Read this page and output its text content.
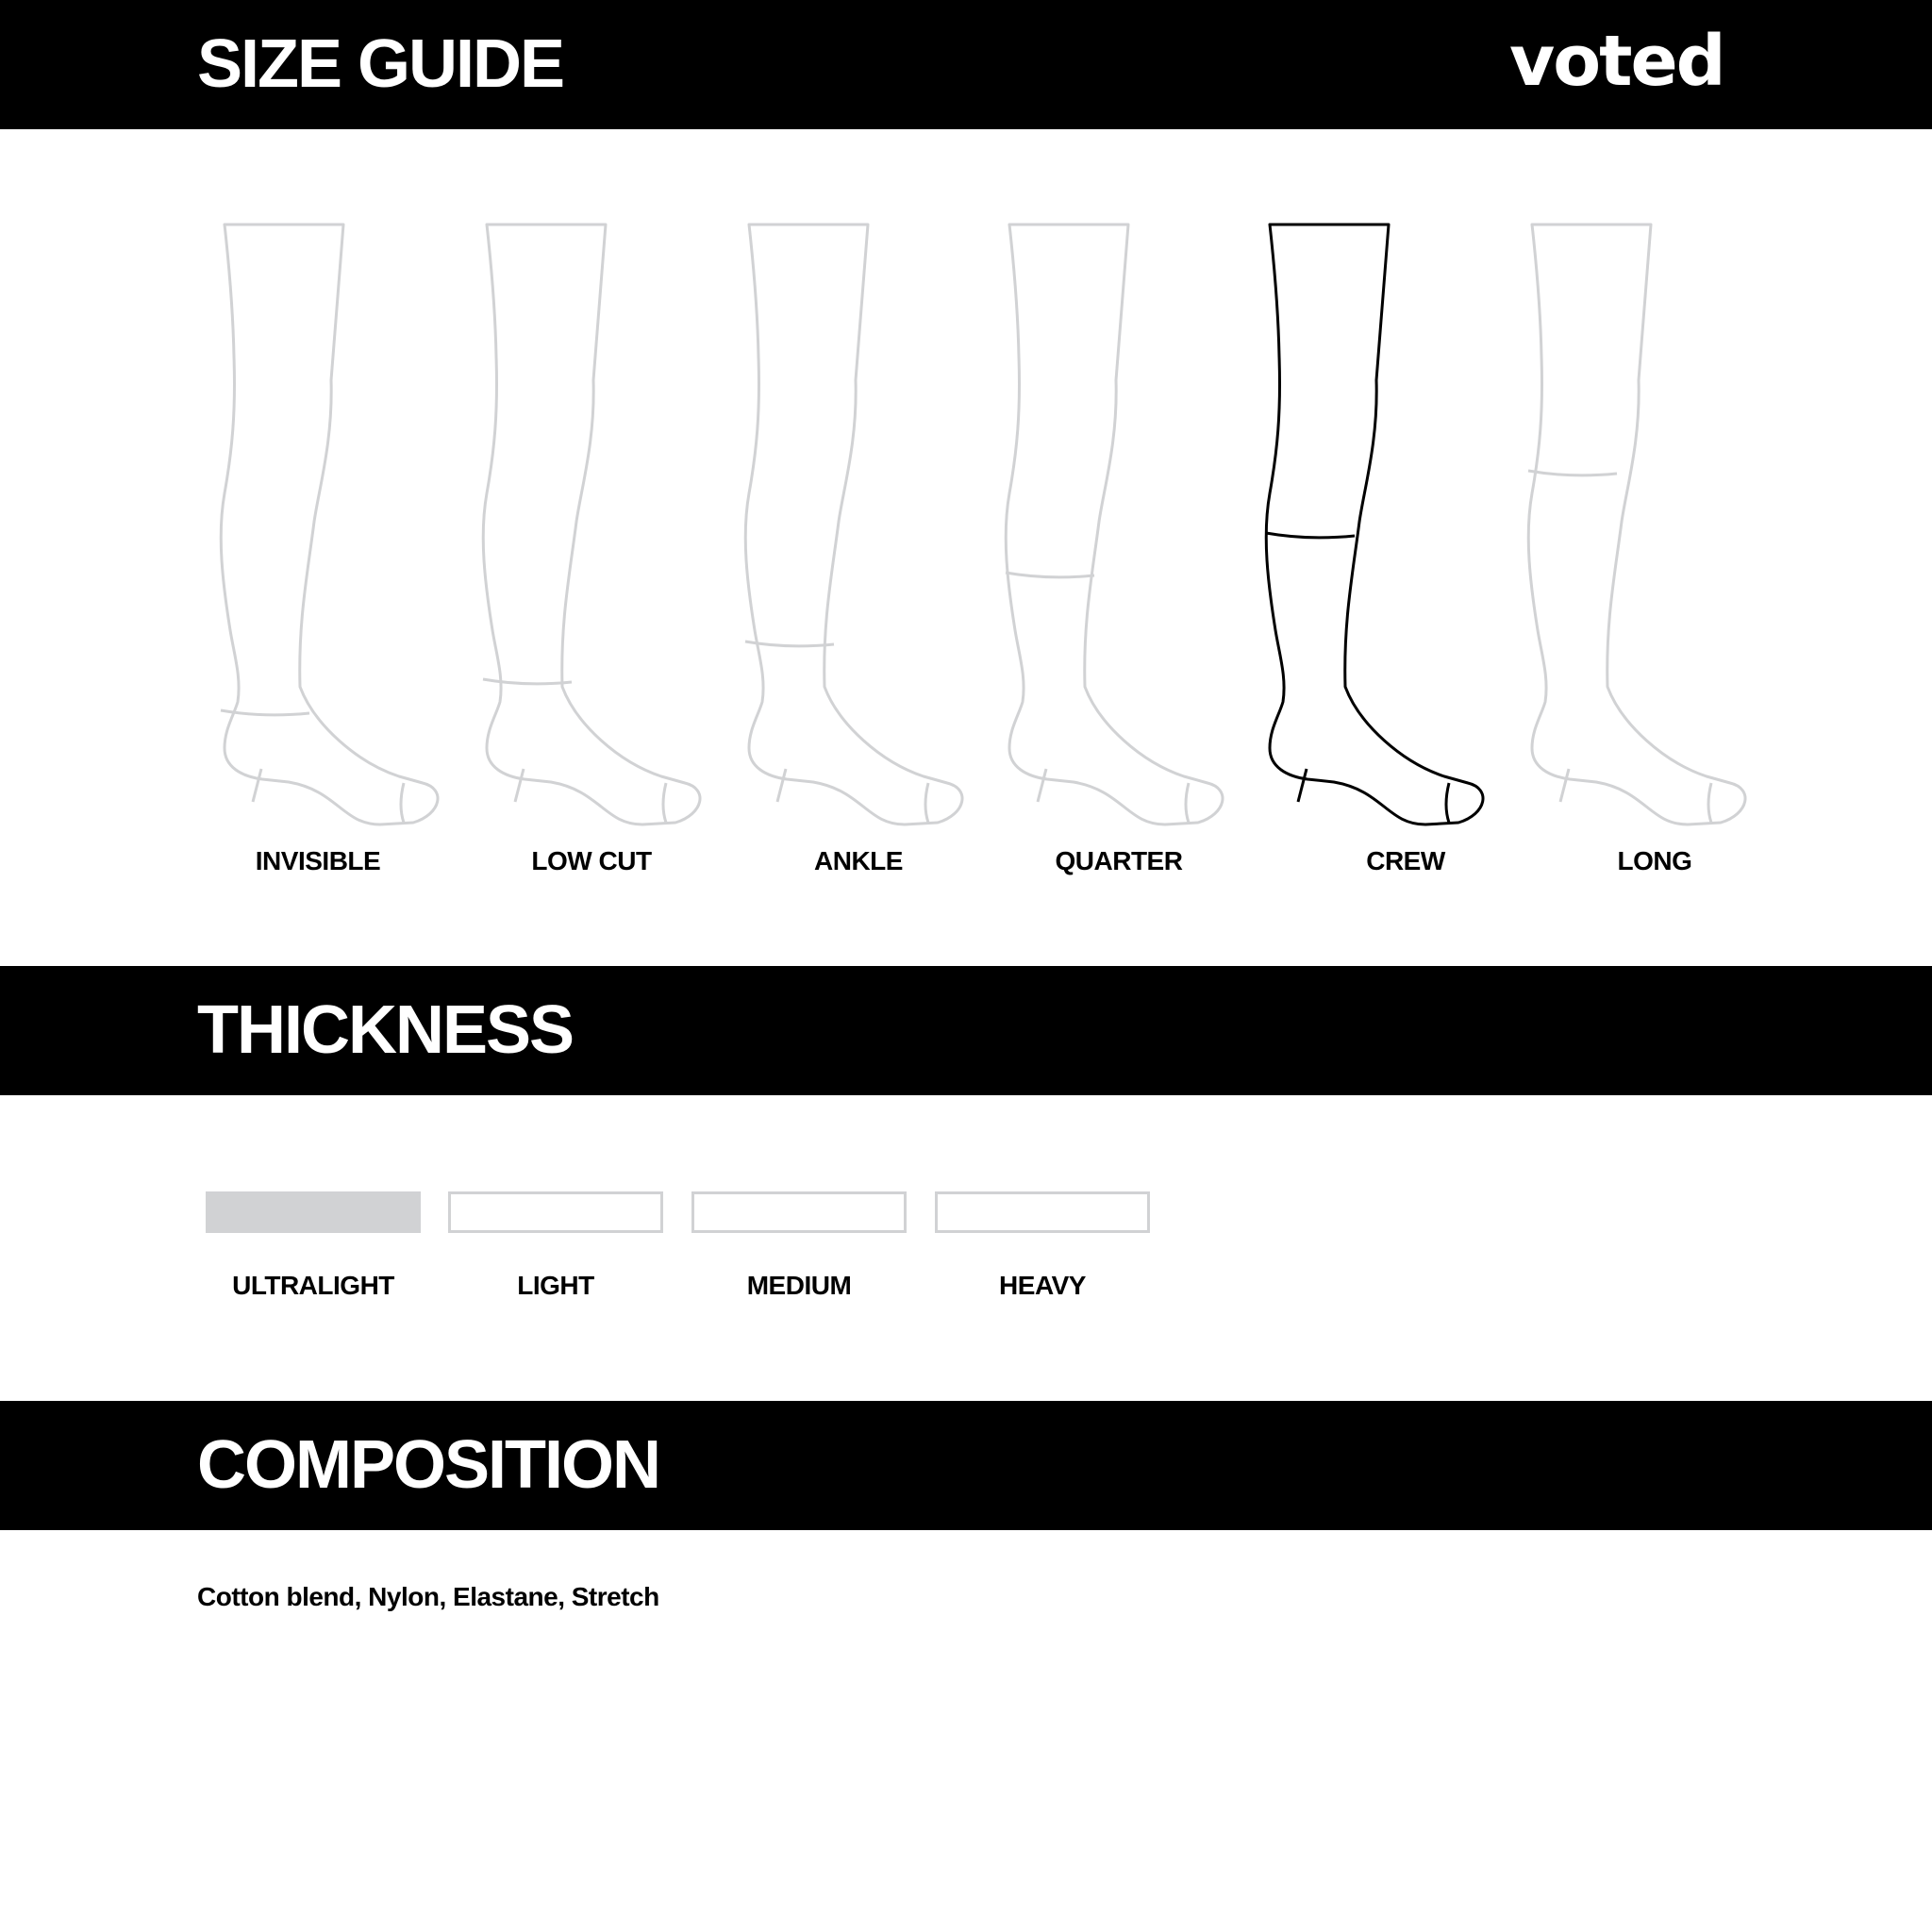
SIZE GUIDE	voted
INVISIBLE	LOW CUT	ANKLE	QUARTER	CREW	LONG
THICKNESS
ULTRALIGHT	LIGHT	MEDIUM	HEAVY
COMPOSITION

Cotton blend, Nylon, Elastane, Stretch
